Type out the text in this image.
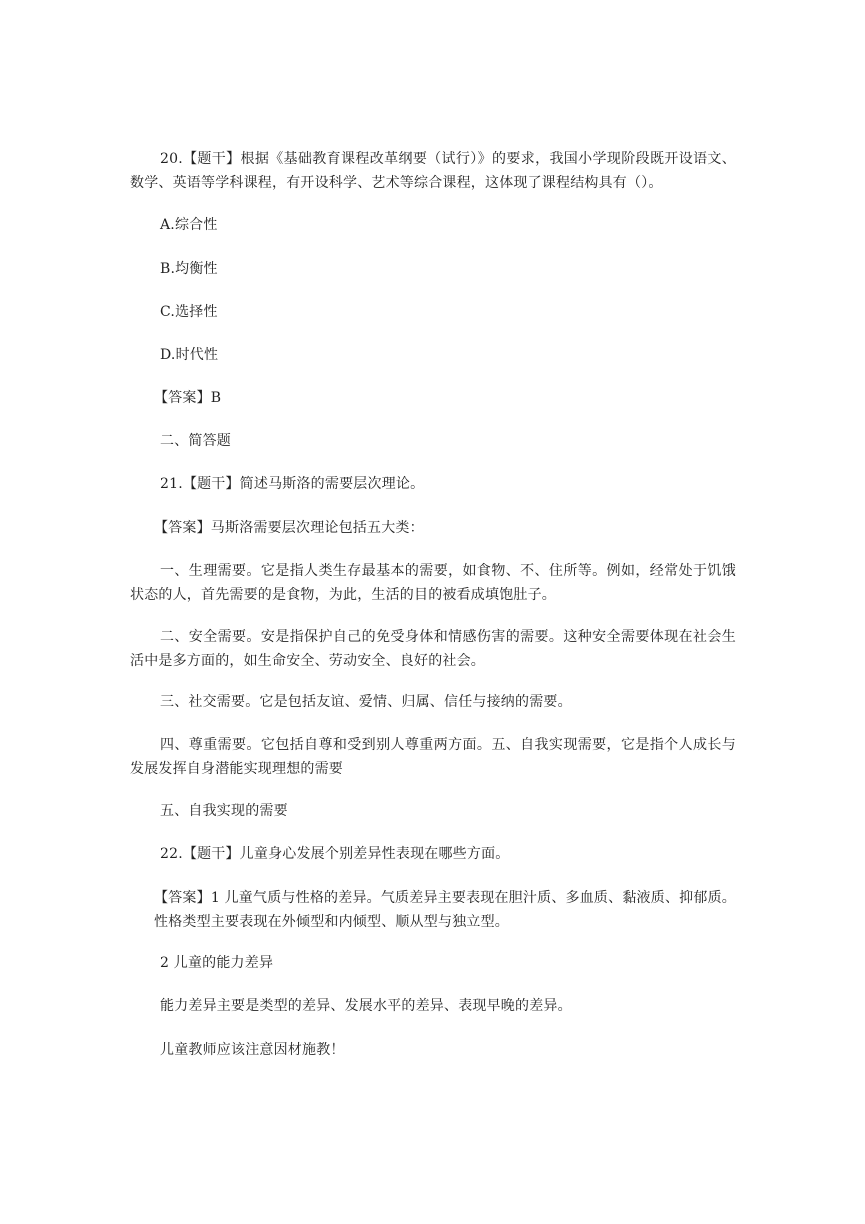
20.【题干】根据《基础教育课程改革纲要（试行）》的要求，我国小学现阶段既开设语文、数学、英语等学科课程，有开设科学、艺术等综合课程，这体现了课程结构具有（）。

A.综合性

B.均衡性

C.选择性

D.时代性

【答案】B

二、简答题

21.【题干】简述马斯洛的需要层次理论。

【答案】马斯洛需要层次理论包括五大类：

一、生理需要。它是指人类生存最基本的需要，如食物、不、住所等。例如，经常处于饥饿状态的人，首先需要的是食物，为此，生活的目的被看成填饱肚子。

二、安全需要。安是指保护自己的免受身体和情感伤害的需要。这种安全需要体现在社会生活中是多方面的，如生命安全、劳动安全、良好的社会。

三、社交需要。它是包括友谊、爱情、归属、信任与接纳的需要。

四、尊重需要。它包括自尊和受到别人尊重两方面。五、自我实现需要，它是指个人成长与发展发挥自身潜能实现理想的需要

五、自我实现的需要

22.【题干】儿童身心发展个别差异性表现在哪些方面。

【答案】1 儿童气质与性格的差异。气质差异主要表现在胆汁质、多血质、黏液质、抑郁质。性格类型主要表现在外倾型和内倾型、顺从型与独立型。

2 儿童的能力差异

能力差异主要是类型的差异、发展水平的差异、表现早晚的差异。

儿童教师应该注意因材施教！
